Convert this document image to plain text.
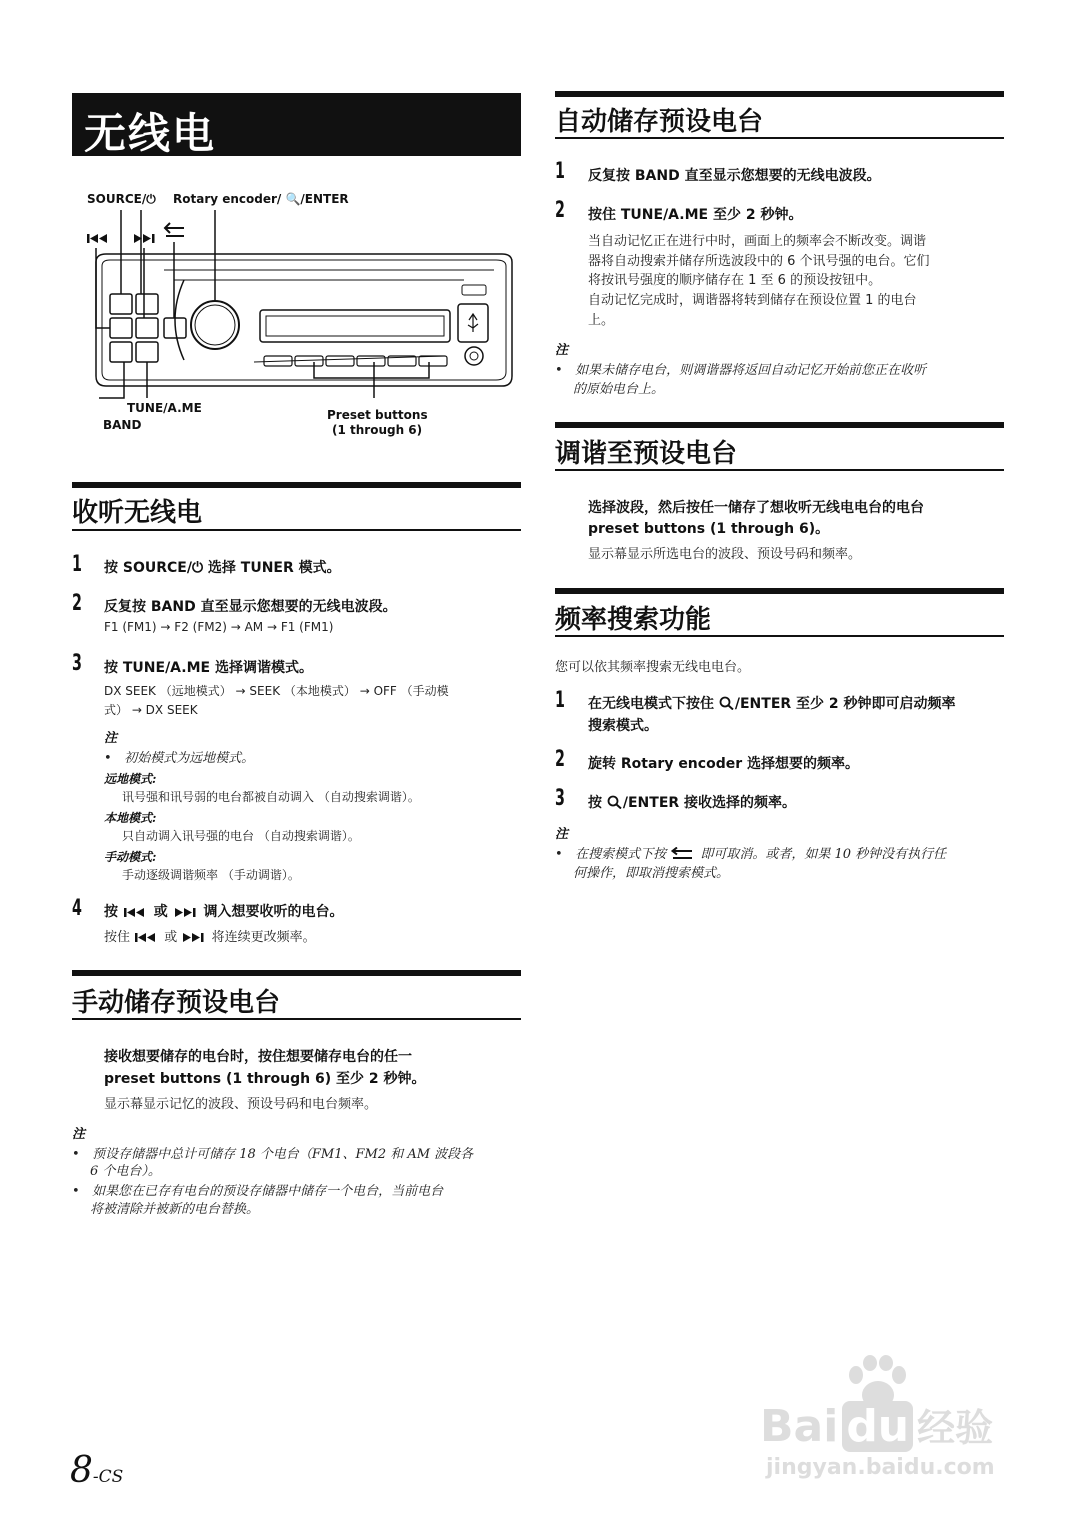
无线电
SOURCE/⏻ Rotary encoder/ 🔍/ENTER
TUNE/A.ME
BAND
Preset buttons
(1 through 6)
收听无线电
1 按 SOURCE/⏻ 选择 TUNER 模式。
2 反复按 BAND 直至显示您想要的无线电波段。
F1 (FM1) → F2 (FM2) → AM → F1 (FM1)
3 按 TUNE/A.ME 选择调谐模式。
DX SEEK （远地模式） → SEEK （本地模式） → OFF （手动模
式） → DX SEEK
注
•   初始模式为远地模式。
远地模式:
讯号强和讯号弱的电台都被自动调入 （自动搜索调谐）。
本地模式:
只自动调入讯号强的电台 （自动搜索调谐）。
手动模式:
手动逐级调谐频率 （手动调谐）。
4 按	或	调入想要收听的电台。
按住	或	将连续更改频率。
手动储存预设电台
接收想要储存的电台时，按住想要储存电台的任一
preset buttons (1 through 6) 至少 2 秒钟。
显示幕显示记忆的波段、预设号码和电台频率。
注
•   预设存储器中总计可储存 18 个电台（FM1、FM2 和 AM 波段各
6 个电台）。
•   如果您在已存有电台的预设存储器中储存一个电台，当前电台
将被清除并被新的电台替换。
自动储存预设电台
1 反复按 BAND 直至显示您想要的无线电波段。
2 按住 TUNE/A.ME 至少 2 秒钟。
当自动记忆正在进行中时，画面上的频率会不断改变。调谐
器将自动搜索并储存所选波段中的 6 个讯号强的电台。它们
将按讯号强度的顺序储存在 1 至 6 的预设按钮中。
自动记忆完成时，调谐器将转到储存在预设位置 1 的电台
上。
注
•   如果未储存电台，则调谐器将返回自动记忆开始前您正在收听
的原始电台上。
调谐至预设电台
选择波段，然后按任一储存了想收听无线电电台的电台
preset buttons (1 through 6)。
显示幕显示所选电台的波段、预设号码和频率。
频率搜索功能
您可以依其频率搜索无线电电台。
1 在无线电模式下按住 /ENTER 至少 2 秒钟即可启动频率
搜索模式。
2 旋转 Rotary encoder 选择想要的频率。
3 按 /ENTER 接收选择的频率。
注
•   在搜索模式下按	即可取消。或者，如果 10 秒钟没有执行任
何操作，即取消搜索模式。
8-CS
Bai du 经验
jingyan.baidu.com
